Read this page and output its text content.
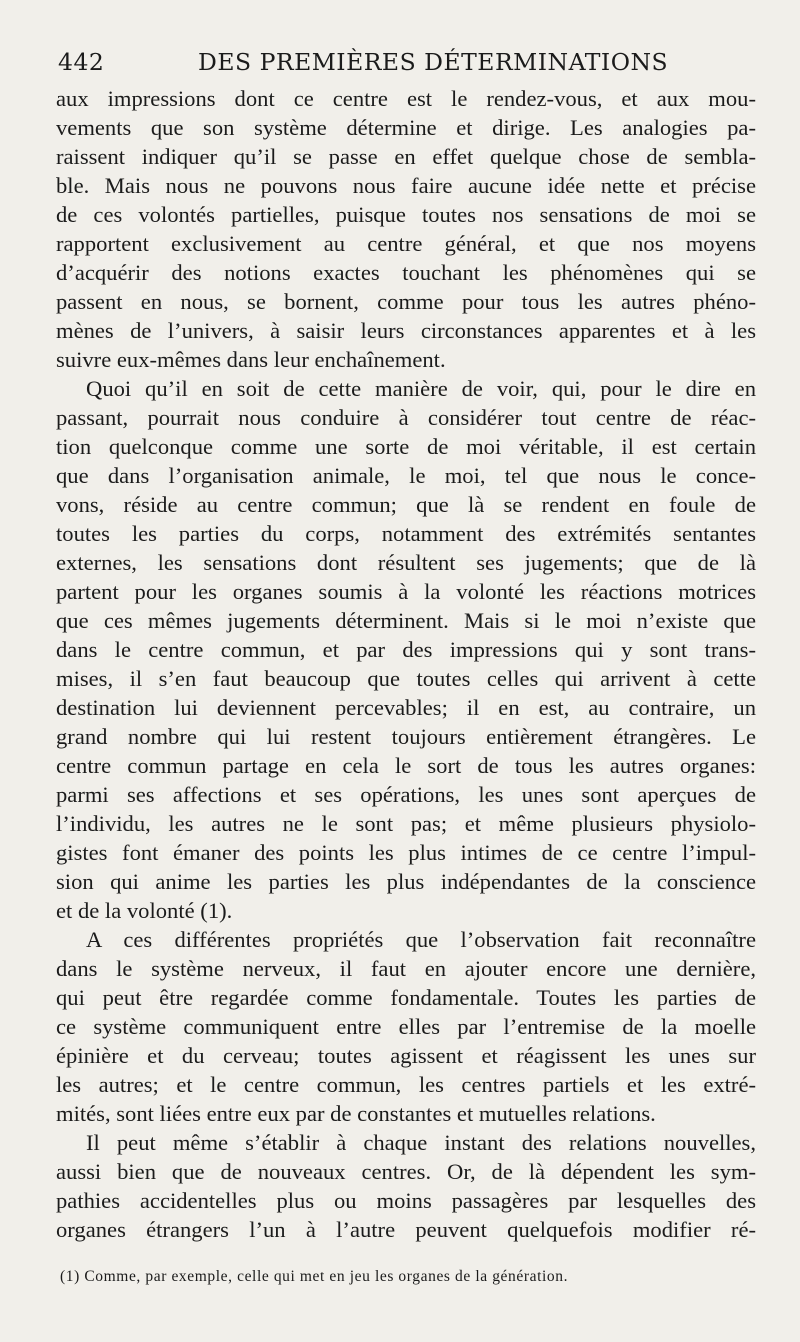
442	DES PREMIÈRES DÉTERMINATIONS
aux impressions dont ce centre est le rendez-vous, et aux mou-
vements que son système détermine et dirige. Les analogies pa-
raissent indiquer qu’il se passe en effet quelque chose de sembla-
ble. Mais nous ne pouvons nous faire aucune idée nette et précise
de ces volontés partielles, puisque toutes nos sensations de moi se
rapportent exclusivement au centre général, et que nos moyens
d’acquérir des notions exactes touchant les phénomènes qui se
passent en nous, se bornent, comme pour tous les autres phéno-
mènes de l’univers, à saisir leurs circonstances apparentes et à les
suivre eux-mêmes dans leur enchaînement.
Quoi qu’il en soit de cette manière de voir, qui, pour le dire en
passant, pourrait nous conduire à considérer tout centre de réac-
tion quelconque comme une sorte de moi véritable, il est certain
que dans l’organisation animale, le moi, tel que nous le conce-
vons, réside au centre commun; que là se rendent en foule de
toutes les parties du corps, notamment des extrémités sentantes
externes, les sensations dont résultent ses jugements; que de là
partent pour les organes soumis à la volonté les réactions motrices
que ces mêmes jugements déterminent. Mais si le moi n’existe que
dans le centre commun, et par des impressions qui y sont trans-
mises, il s’en faut beaucoup que toutes celles qui arrivent à cette
destination lui deviennent percevables; il en est, au contraire, un
grand nombre qui lui restent toujours entièrement étrangères. Le
centre commun partage en cela le sort de tous les autres organes:
parmi ses affections et ses opérations, les unes sont aperçues de
l’individu, les autres ne le sont pas; et même plusieurs physiolo-
gistes font émaner des points les plus intimes de ce centre l’impul-
sion qui anime les parties les plus indépendantes de la conscience
et de la volonté (1).
A ces différentes propriétés que l’observation fait reconnaître
dans le système nerveux, il faut en ajouter encore une dernière,
qui peut être regardée comme fondamentale. Toutes les parties de
ce système communiquent entre elles par l’entremise de la moelle
épinière et du cerveau; toutes agissent et réagissent les unes sur
les autres; et le centre commun, les centres partiels et les extré-
mités, sont liées entre eux par de constantes et mutuelles relations.
Il peut même s’établir à chaque instant des relations nouvelles,
aussi bien que de nouveaux centres. Or, de là dépendent les sym-
pathies accidentelles plus ou moins passagères par lesquelles des
organes étrangers l’un à l’autre peuvent quelquefois modifier ré-
(1) Comme, par exemple, celle qui met en jeu les organes de la génération.
